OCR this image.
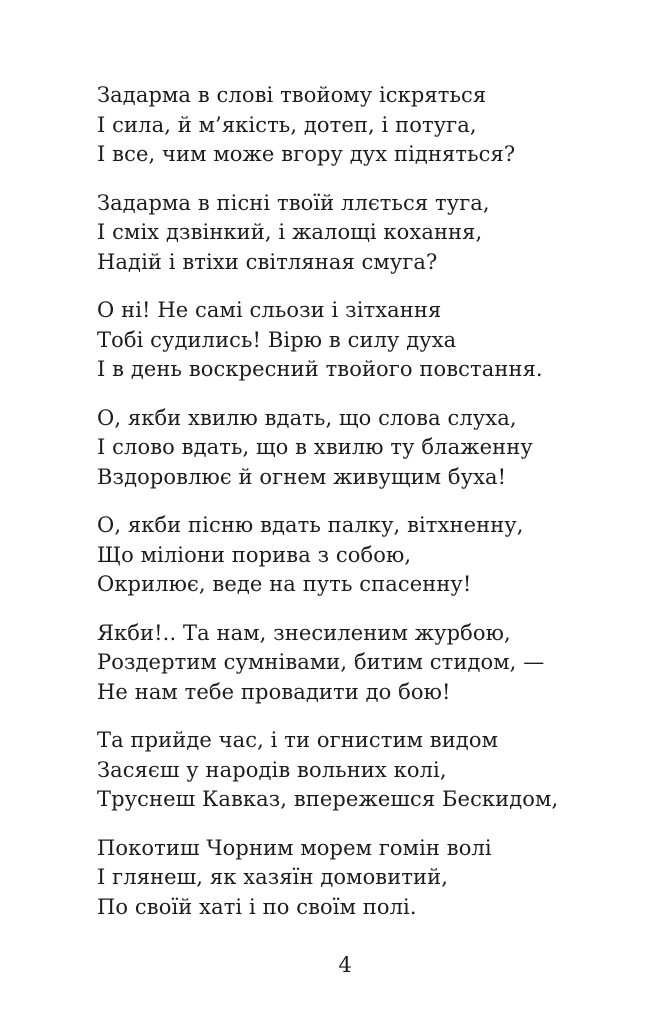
Задарма в слові твойому іскряться

І сила, й м’якість, дотеп, і потуга,

І все, чим може вгору дух підняться?

Задарма в пісні твоїй ллється туга,

І сміх дзвінкий, і жалощі кохання,

Надій і втіхи світляная смуга?

О ні! Не самі сльози і зітхання

Тобі судились! Вірю в силу духа

І в день воскресний твойого повстання.

О, якби хвилю вдать, що слова слуха,

І слово вдать, що в хвилю ту блаженну

Вздоровлює й огнем живущим буха!

О, якби пісню вдать палку, вітхненну,

Що міліони порива з собою,

Окрилює, веде на путь спасенну!

Якби!.. Та нам, знесиленим журбою,

Роздертим сумнівами, битим стидом, —

Не нам тебе провадити до бою!

Та прийде час, і ти огнистим видом

Засяєш у народів вольних колі,

Труснеш Кавказ, впережешся Бескидом,

Покотиш Чорним морем гомін волі

І глянеш, як хазяїн домовитий,

По своїй хаті і по своїм полі.

4
